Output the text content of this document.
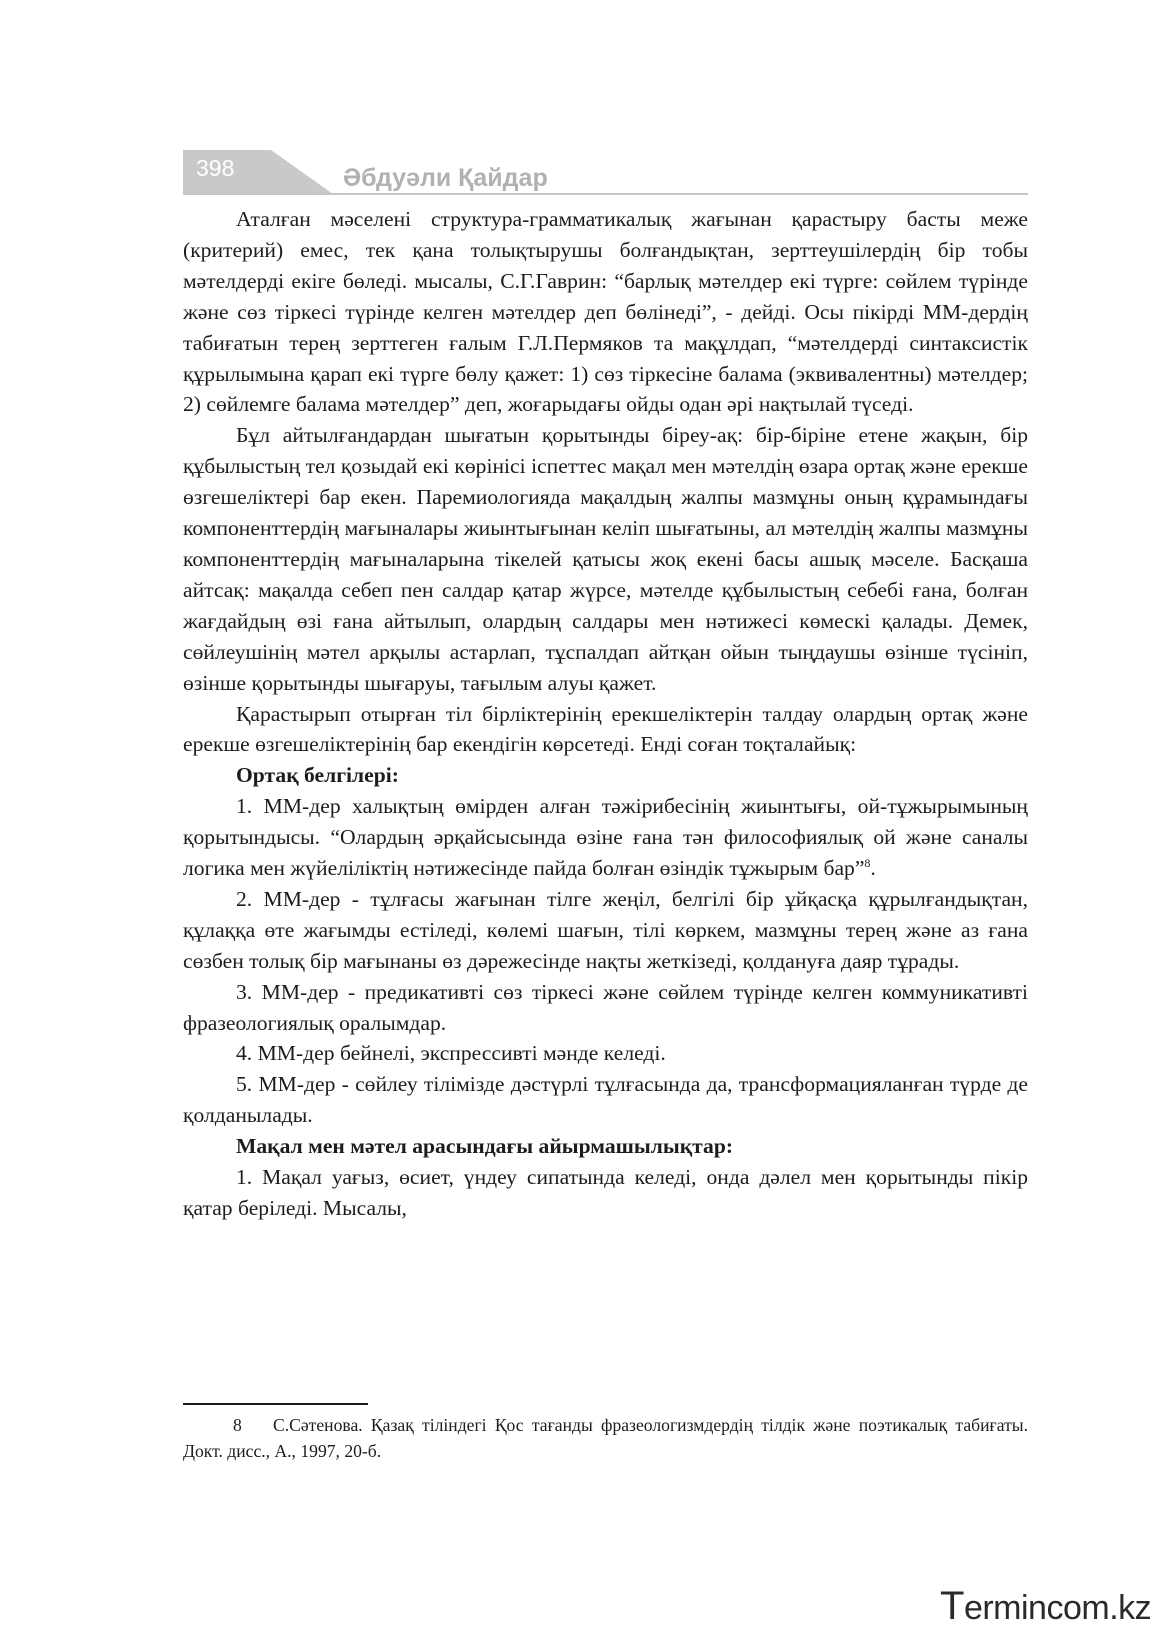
398	Әбдуәли Қайдар

Аталған мәселені структура-грамматикалық жағынан қарастыру басты меже (критерий) емес, тек қана толықтырушы болғандықтан, зерттеушілердің бір тобы мәтелдерді екіге бөледі. мысалы, С.Г.Гаврин: “барлық мәтелдер екі түрге: сөйлем түрінде және сөз тіркесі түрінде келген мәтелдер деп бөлінеді”, - дейді. Осы пікірді ММ-дердің табиғатын терең зерттеген ғалым Г.Л.Пермяков та мақұлдап, “мәтелдерді синтаксистік құрылымына қарап екі түрге бөлу қажет: 1) сөз тіркесіне балама (эквивалентны) мәтелдер; 2) сөйлемге балама мәтелдер” деп, жоғарыдағы ойды одан әрі нақтылай түседі.

Бұл айтылғандардан шығатын қорытынды біреу-ақ: бір-біріне етене жақын, бір құбылыстың тел қозыдай екі көрінісі іспеттес мақал мен мәтелдің өзара ортақ және ерекше өзгешеліктері бар екен. Паремиологияда мақалдың жалпы мазмұны оның құрамындағы компоненттердің мағыналары жиынтығынан келіп шығатыны, ал мәтелдің жалпы мазмұны компоненттердің мағыналарына тікелей қатысы жоқ екені басы ашық мәселе. Басқаша айтсақ: мақалда себеп пен салдар қатар жүрсе, мәтелде құбылыстың себебі ғана, болған жағдайдың өзі ғана айтылып, олардың салдары мен нәтижесі көмескі қалады. Демек, сөйлеушінің мәтел арқылы астарлап, тұспалдап айтқан ойын тыңдаушы өзінше түсініп, өзінше қорытынды шығаруы, тағылым алуы қажет.

Қарастырып отырған тіл бірліктерінің ерекшеліктерін талдау олардың ортақ және ерекше өзгешеліктерінің бар екендігін көрсетеді. Енді соған тоқталайық:

Ортақ белгілері:

1. ММ-дер халықтың өмірден алған тәжірибесінің жиынтығы, ой-тұжырымының қорытындысы. “Олардың әрқайсысында өзіне ғана тән философиялық ой және саналы логика мен жүйеліліктің нәтижесінде пайда болған өзіндік тұжырым бар”$^8$.

2. ММ-дер - тұлғасы жағынан тілге жеңіл, белгілі бір ұйқасқа құрылғандықтан, құлаққа өте жағымды естіледі, көлемі шағын, тілі көркем, мазмұны терең және аз ғана сөзбен толық бір мағынаны өз дәрежесінде нақты жеткізеді, қолдануға даяр тұрады.

3. ММ-дер - предикативті сөз тіркесі және сөйлем түрінде келген коммуникативті фразеологиялық оралымдар.

4. ММ-дер бейнелі, экспрессивті мәнде келеді.

5. ММ-дер - сөйлеу тілімізде дәстүрлі тұлғасында да, трансформацияланған түрде де қолданылады.

Мақал мен мәтел арасындағы айырмашылықтар:

1. Мақал уағыз, өсиет, үндеу сипатында келеді, онда дәлел мен қорытынды пікір қатар беріледі. Мысалы,

8 С.Сәтенова. Қазақ тіліндегі Қос тағанды фразеологизмдердің тілдік және поэтикалық табиғаты. Докт. дисс., А., 1997, 20-б.
Termincоm.kz
